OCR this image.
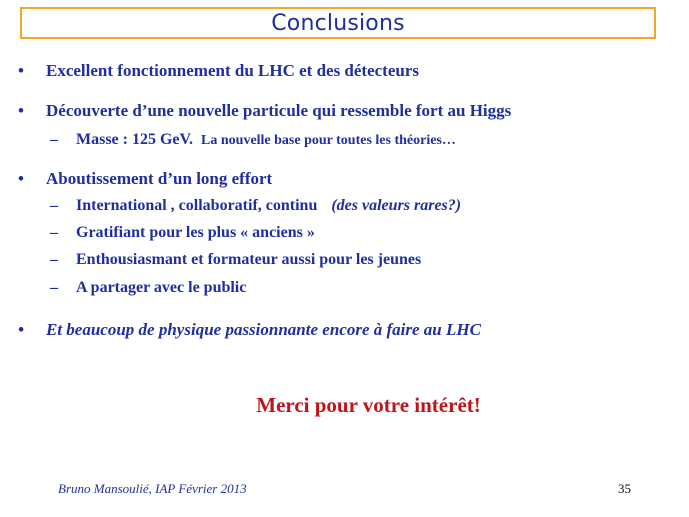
Conclusions
•	Excellent fonctionnement du LHC et des détecteurs
•	Découverte d’une nouvelle particule qui ressemble fort au Higgs
–	Masse : 125 GeV. La nouvelle base pour toutes les théories…
•	Aboutissement d’un long effort
–	International , collaboratif, continu (des valeurs rares?)
–	Gratifiant pour les plus « anciens »
–	Enthousiasmant et formateur aussi pour les jeunes
–	A partager avec le public
•	Et beaucoup de physique passionnante encore à faire au LHC
Merci pour votre intérêt!
Bruno Mansoulié, IAP Février 2013	35
